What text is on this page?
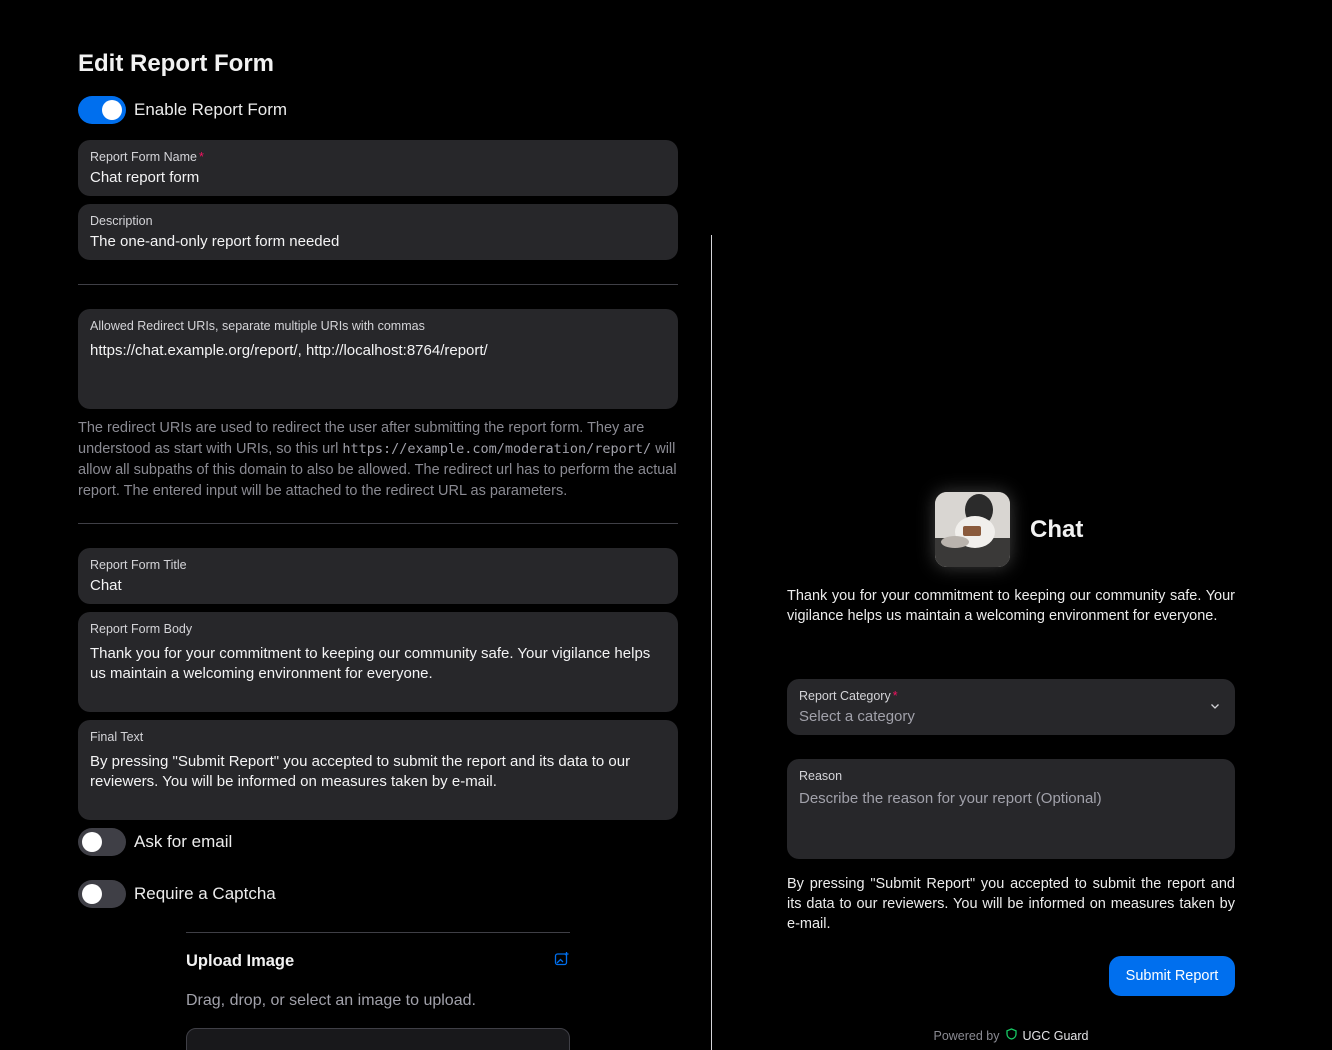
Edit Report Form
Enable Report Form
Report Form Name *
Chat report form
Description
The one-and-only report form needed
Allowed Redirect URIs, separate multiple URIs with commas
https://chat.example.org/report/, http://localhost:8764/report/

The redirect URIs are used to redirect the user after submitting the report form. They are understood as start with URIs, so this url https://example.com/moderation/report/ will allow all subpaths of this domain to also be allowed. The redirect url has to perform the actual report. The entered input will be attached to the redirect URL as parameters.

Report Form Title
Chat
Report Form Body
Thank you for your commitment to keeping our community safe. Your vigilance helps us maintain a welcoming environment for everyone.
Final Text
By pressing "Submit Report" you accepted to submit the report and its data to our reviewers. You will be informed on measures taken by e-mail.
Ask for email
Require a Captcha
Upload Image
Drag, drop, or select an image to upload.
Chat

Thank you for your commitment to keeping our community safe. Your vigilance helps us maintain a welcoming environment for everyone.

Report Category *
Select a category
Reason
Describe the reason for your report (Optional)

By pressing "Submit Report" you accepted to submit the report and its data to our reviewers. You will be informed on measures taken by e-mail.

Submit Report
Powered by UGC Guard
